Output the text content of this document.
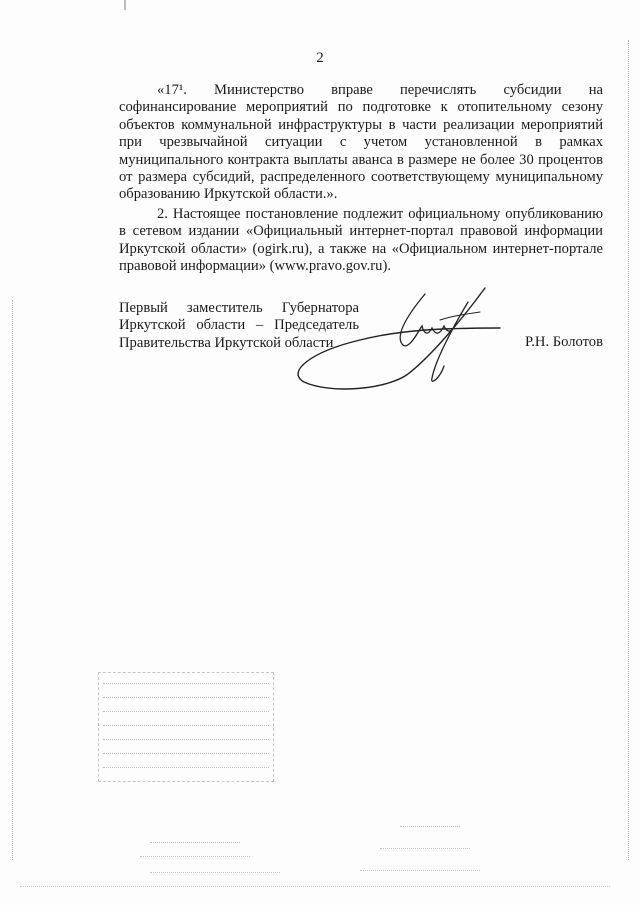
2

«17¹. Министерство вправе перечислять субсидии на софинансирование мероприятий по подготовке к отопительному сезону объектов коммунальной инфраструктуры в части реализации мероприятий при чрезвычайной ситуации с учетом установленной в рамках муниципального контракта выплаты аванса в размере не более 30 процентов от размера субсидий, распределенного соответствующему муниципальному образованию Иркутской области.».

2. Настоящее постановление подлежит официальному опубликованию в сетевом издании «Официальный интернет-портал правовой информации Иркутской области» (ogirk.ru), а также на «Официальном интернет-портале правовой информации» (www.pravo.gov.ru).

Первый заместитель Губернатора
Иркутской области – Председатель
Правительства Иркутской области	Р.Н. Болотов
